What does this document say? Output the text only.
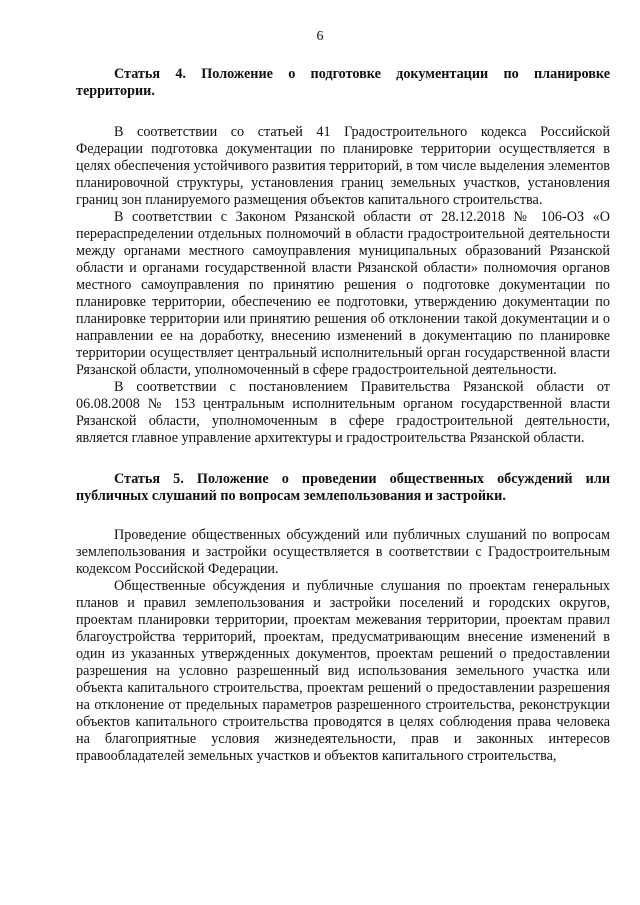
6
Статья 4. Положение о подготовке документации по планировке территории.

В соответствии со статьей 41 Градостроительного кодекса Российской Федерации подготовка документации по планировке территории осуществляется в целях обеспечения устойчивого развития территорий, в том числе выделения элементов планировочной структуры, установления границ земельных участков, установления границ зон планируемого размещения объектов капитального строительства.

В соответствии с Законом Рязанской области от 28.12.2018 № 106-ОЗ «О перераспределении отдельных полномочий в области градостроительной деятельности между органами местного самоуправления муниципальных образований Рязанской области и органами государственной власти Рязанской области» полномочия органов местного самоуправления по принятию решения о подготовке документации по планировке территории, обеспечению ее подготовки, утверждению документации по планировке территории или принятию решения об отклонении такой документации и о направлении ее на доработку, внесению изменений в документацию по планировке территории осуществляет центральный исполнительный орган государственной власти Рязанской области, уполномоченный в сфере градостроительной деятельности.

В соответствии с постановлением Правительства Рязанской области от 06.08.2008 № 153 центральным исполнительным органом государственной власти Рязанской области, уполномоченным в сфере градостроительной деятельности, является главное управление архитектуры и градостроительства Рязанской области.

Статья 5. Положение о проведении общественных обсуждений или публичных слушаний по вопросам землепользования и застройки.

Проведение общественных обсуждений или публичных слушаний по вопросам землепользования и застройки осуществляется в соответствии с Градостроительным кодексом Российской Федерации.

Общественные обсуждения и публичные слушания по проектам генеральных планов и правил землепользования и застройки поселений и городских округов, проектам планировки территории, проектам межевания территории, проектам правил благоустройства территорий, проектам, предусматривающим внесение изменений в один из указанных утвержденных документов, проектам решений о предоставлении разрешения на условно разрешенный вид использования земельного участка или объекта капитального строительства, проектам решений о предоставлении разрешения на отклонение от предельных параметров разрешенного строительства, реконструкции объектов капитального строительства проводятся в целях соблюдения права человека на благоприятные условия жизнедеятельности, прав и законных интересов правообладателей земельных участков и объектов капитального строительства,
